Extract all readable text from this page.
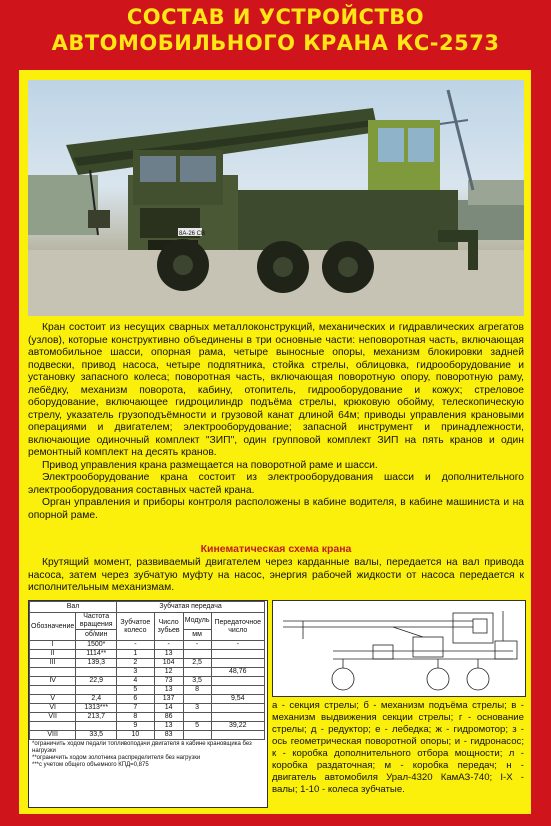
СОСТАВ И УСТРОЙСТВО
АВТОМОБИЛЬНОГО КРАНА КС-2573
8А-26 СВ

Кран состоит из несущих сварных металлоконструкций, механических и гидравлических агрегатов (узлов), которые конструктивно объединены в три основные части: неповоротная часть, включающая автомобильное шасси, опорная рама, четыре выносные опоры, механизм блокировки задней подвески, привод насоса, четыре подпятника, стойка стрелы, облицовка, гидрооборудование и установку запасного колеса; поворотная часть, включающая поворотную опору, поворотную раму, лебёдку, механизм поворота, кабину, отопитель, гидрооборудование и кожух; стреловое оборудование, включающее гидроцилиндр подъёма стрелы, крюковую обойму, телескопическую стрелу, указатель грузоподъёмности и грузовой канат длиной 64м; приводы управления крановыми операциями и двигателем; электрооборудование; запасной инструмент и принадлежности, включающие одиночный комплект "ЗИП", один групповой комплект ЗИП на пять кранов и один ремонтный комплект на десять кранов.

Привод управления крана размещается на поворотной раме и шасси.

Электрооборудование крана состоит из электрооборудования шасси и дополнительного электрооборудования составных частей крана.

Орган управления и приборы контроля расположены в кабине водителя, в кабине машиниста и на опорной раме.

Кинематическая схема крана

Крутящий момент, развиваемый двигателем через карданные валы, передается на вал привода насоса, затем через зубчатую муфту на насос, энергия рабочей жидкости от насоса передается к исполнительным механизмам.

Вал		Зубчатая передача			
Обозначение	Частота вращения	Зубчатое колесо	Число зубьев	Модуль	Передаточное число
	об/мин			мм	
I	1500*	-	-	-	-
II	1114**	1	13		
III	139,3	2	104	2,5	
		3	12		48,76
IV	22,9	4	73	3,5	
		5	13	8	
V	2,4	6	137		9,54
VI	1313***	7	14	3	
VII	213,7	8	86		
		9	13	5	39,22
VIII	33,5	10	83		
*ограничить ходом педали топливоподачи двигателя в кабине крановщика без нагрузки
**ограничить ходом золотника распределителя без нагрузки
***с учетом общего объемного КПД=0,875
а - секция стрелы; б - механизм подъёма стрелы; в - механизм выдвижения секции стрелы; г - основание стрелы; д - редуктор; е - лебедка; ж - гидромотор; з - ось геометрическая поворотной опоры; и - гидронасос; к - коробка дополнительного отбора мощности; л - коробка раздаточная; м - коробка передач; н - двигатель автомобиля Урал-4320 КамАЗ-740; I-Х - валы; 1-10 - колеса зубчатые.
